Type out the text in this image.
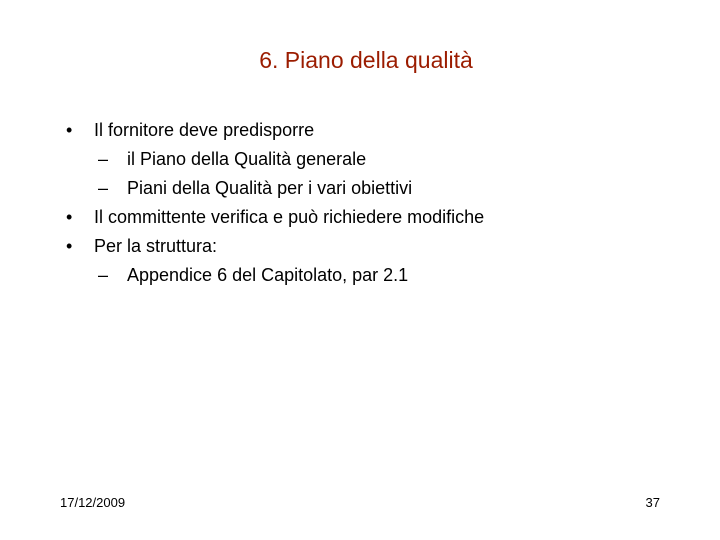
6. Piano della qualità
• Il fornitore deve predisporre
– il Piano della Qualità generale
– Piani della Qualità per i vari obiettivi
• Il committente verifica e può richiedere modifiche
• Per la struttura:
– Appendice 6 del Capitolato, par 2.1
17/12/2009	37
